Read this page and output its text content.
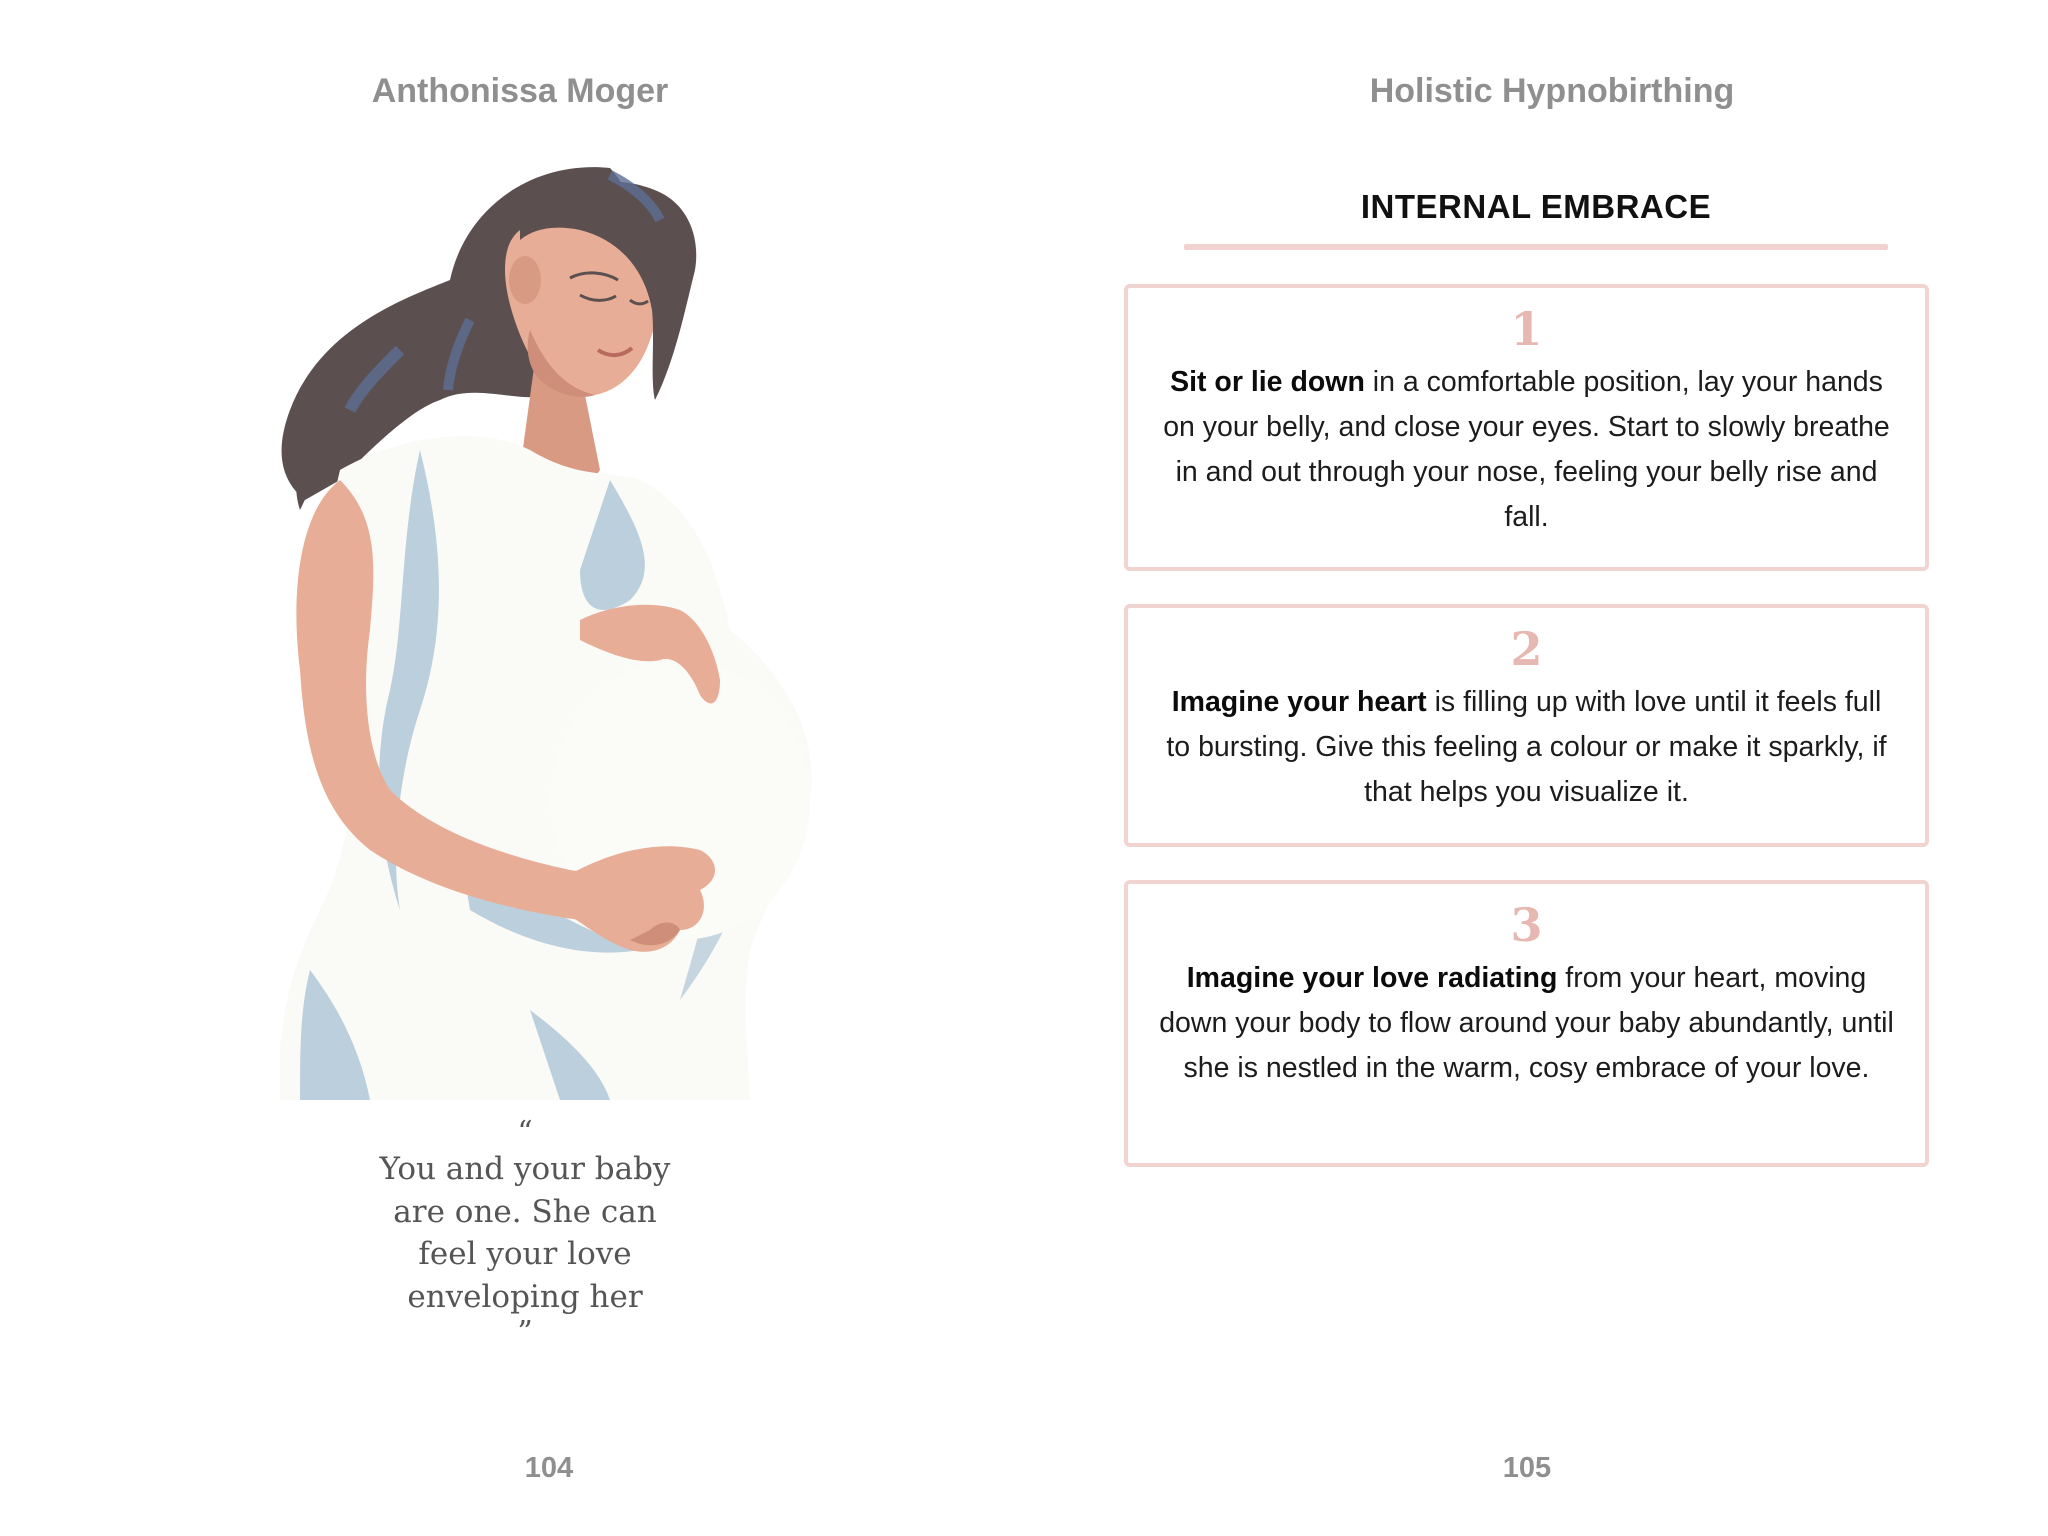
Anthonissa Moger
“
You and your baby are one. She can feel your love enveloping her
”
104
Holistic Hypnobirthing
INTERNAL EMBRACE
1
Sit or lie down in a comfortable position, lay your hands on your belly, and close your eyes. Start to slowly breathe in and out through your nose, feeling your belly rise and fall.
2
Imagine your heart is filling up with love until it feels full to bursting. Give this feeling a colour or make it sparkly, if that helps you visualize it.
3
Imagine your love radiating from your heart, moving down your body to flow around your baby abundantly, until she is nestled in the warm, cosy embrace of your love.
105
